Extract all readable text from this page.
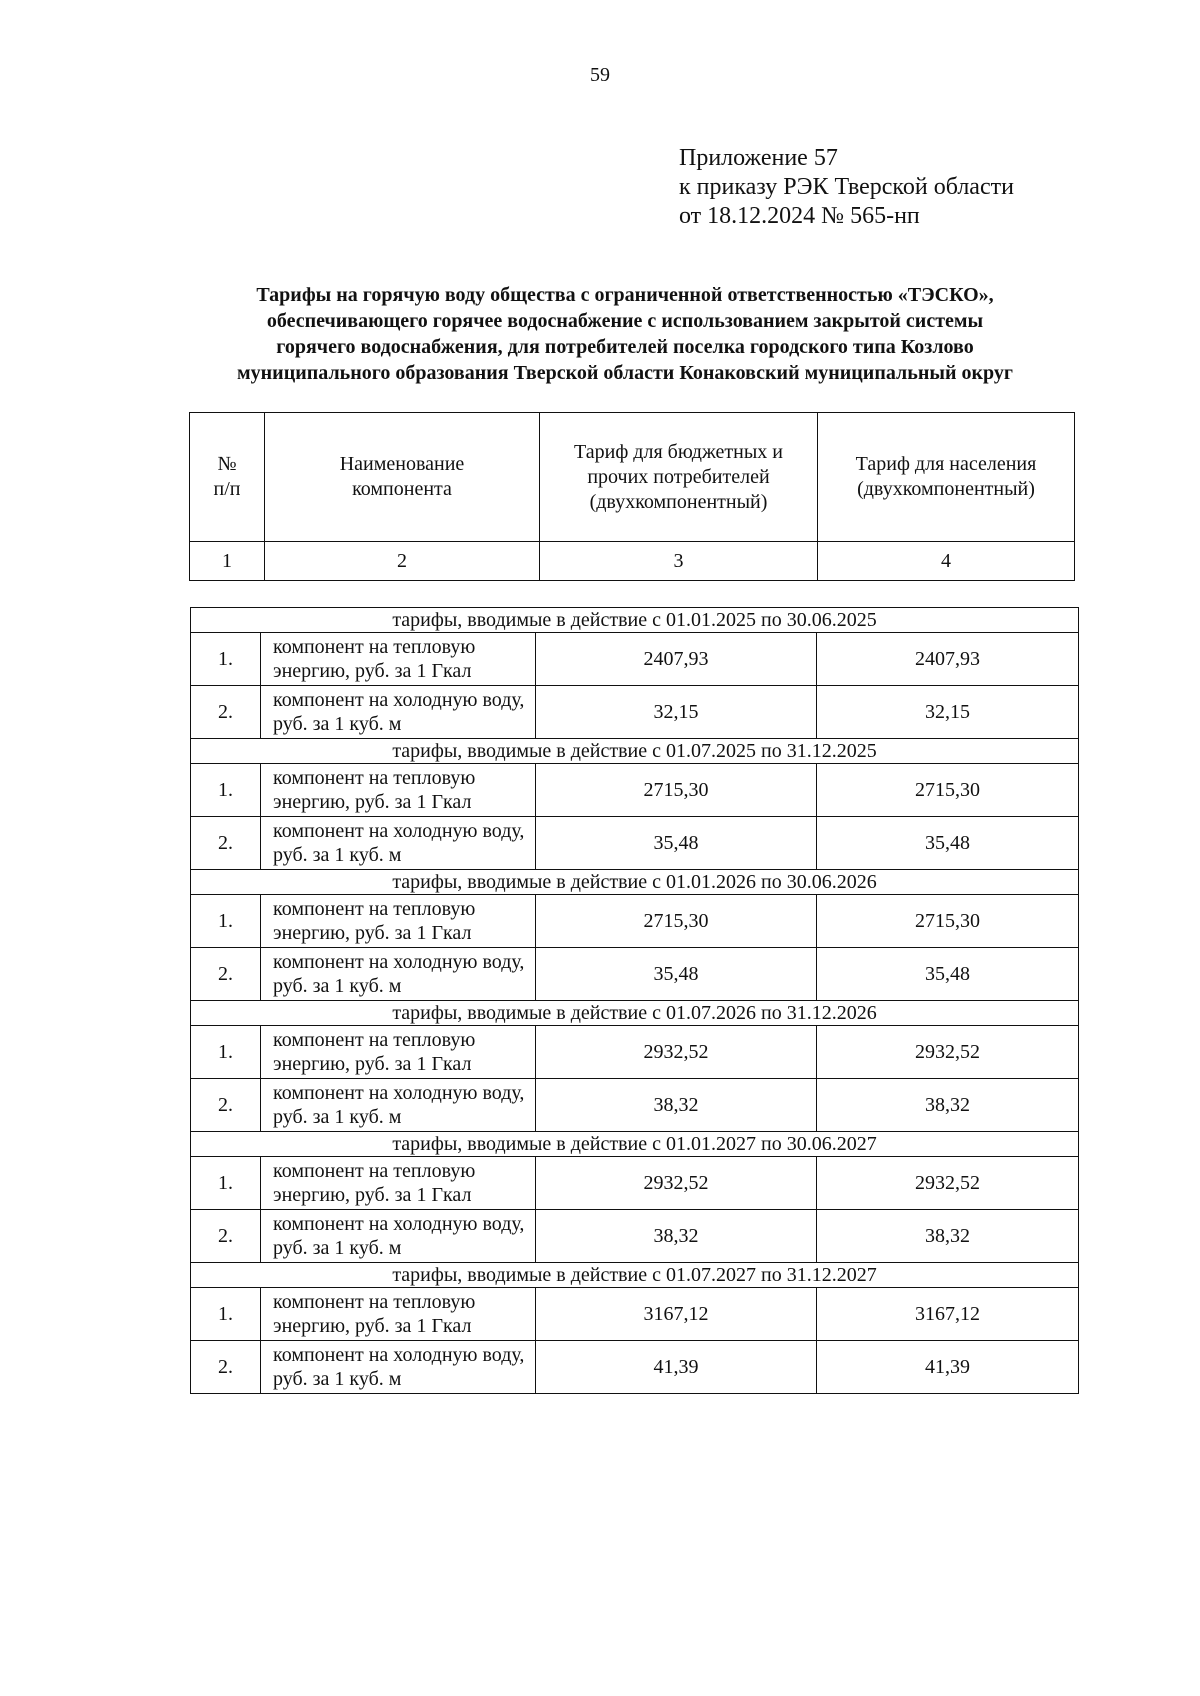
59
Приложение 57
к приказу РЭК Тверской области
от 18.12.2024 № 565-нп
Тарифы на горячую воду общества с ограниченной ответственностью «ТЭСКО»,
обеспечивающего горячее водоснабжение с использованием закрытой системы
горячего водоснабжения, для потребителей поселка городского типа Козлово
муниципального образования Тверской области Конаковский муниципальный округ
№ п/п	Наименование компонента	Тариф для бюджетных и прочих потребителей (двухкомпонентный)	Тариф для населения (двухкомпонентный)

1	2	3	4
тарифы, вводимые в действие с 01.01.2025 по 30.06.2025			
1.	компонент на тепловую энергию, руб. за 1 Гкал	2407,93	2407,93
2.	компонент на холодную воду, руб. за 1 куб. м	32,15	32,15
тарифы, вводимые в действие с 01.07.2025 по 31.12.2025			
1.	компонент на тепловую энергию, руб. за 1 Гкал	2715,30	2715,30
2.	компонент на холодную воду, руб. за 1 куб. м	35,48	35,48
тарифы, вводимые в действие с 01.01.2026 по 30.06.2026			
1.	компонент на тепловую энергию, руб. за 1 Гкал	2715,30	2715,30
2.	компонент на холодную воду, руб. за 1 куб. м	35,48	35,48
тарифы, вводимые в действие с 01.07.2026 по 31.12.2026			
1.	компонент на тепловую энергию, руб. за 1 Гкал	2932,52	2932,52
2.	компонент на холодную воду, руб. за 1 куб. м	38,32	38,32
тарифы, вводимые в действие с 01.01.2027 по 30.06.2027			
1.	компонент на тепловую энергию, руб. за 1 Гкал	2932,52	2932,52
2.	компонент на холодную воду, руб. за 1 куб. м	38,32	38,32
тарифы, вводимые в действие с 01.07.2027 по 31.12.2027			
1.	компонент на тепловую энергию, руб. за 1 Гкал	3167,12	3167,12
2.	компонент на холодную воду, руб. за 1 куб. м	41,39	41,39
